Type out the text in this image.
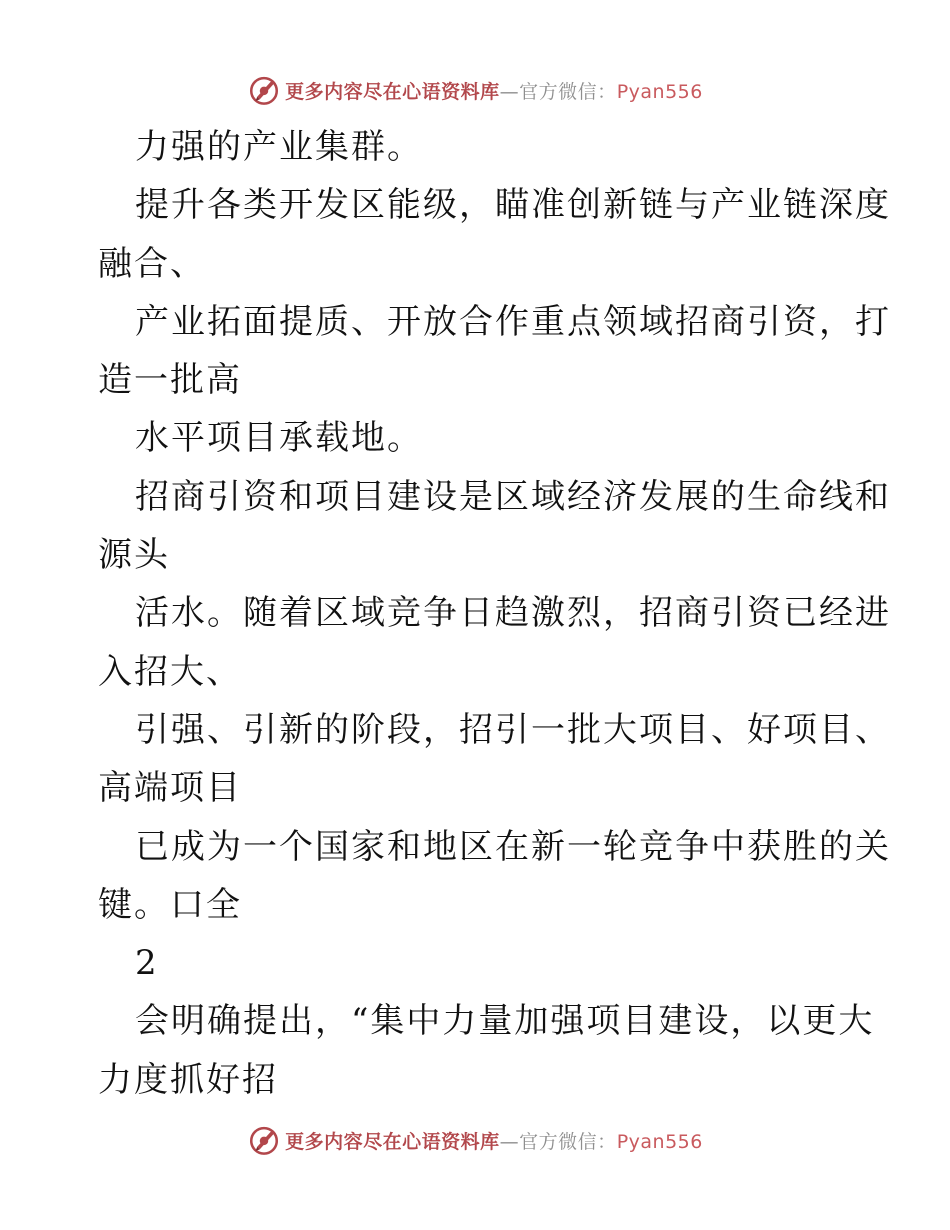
更多内容尽在心语资料库—官方微信：Pyan556
力强的产业集群。
提升各类开发区能级，瞄准创新链与产业链深度
融合、
产业拓面提质、开放合作重点领域招商引资，打
造一批高
水平项目承载地。
招商引资和项目建设是区域经济发展的生命线和
源头
活水。随着区域竞争日趋激烈，招商引资已经进
入招大、
引强、引新的阶段，招引一批大项目、好项目、
高端项目
已成为一个国家和地区在新一轮竞争中获胜的关
键。口全
2
会明确提出，“集中力量加强项目建设，以更大
力度抓好招
更多内容尽在心语资料库—官方微信：Pyan556
